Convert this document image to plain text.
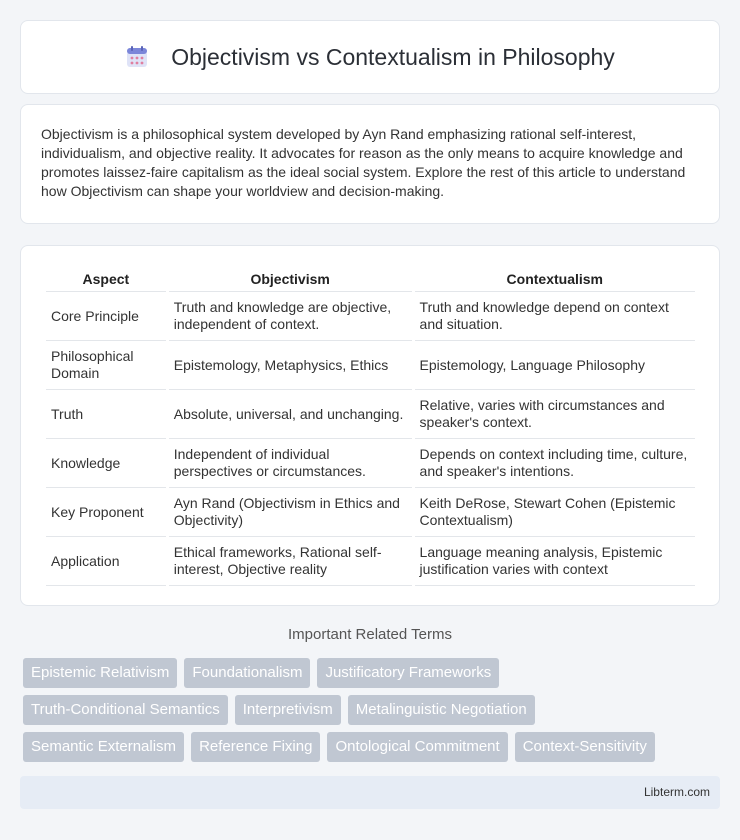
Objectivism vs Contextualism in Philosophy

Objectivism is a philosophical system developed by Ayn Rand emphasizing rational self-interest, individualism, and objective reality. It advocates for reason as the only means to acquire knowledge and promotes laissez-faire capitalism as the ideal social system. Explore the rest of this article to understand how Objectivism can shape your worldview and decision-making.

Aspect	Objectivism	Contextualism
Core Principle	Truth and knowledge are objective, independent of context.	Truth and knowledge depend on context and situation.
Philosophical Domain	Epistemology, Metaphysics, Ethics	Epistemology, Language Philosophy
Truth	Absolute, universal, and unchanging.	Relative, varies with circumstances and speaker's context.
Knowledge	Independent of individual perspectives or circumstances.	Depends on context including time, culture, and speaker's intentions.
Key Proponent	Ayn Rand (Objectivism in Ethics and Objectivity)	Keith DeRose, Stewart Cohen (Epistemic Contextualism)
Application	Ethical frameworks, Rational self-interest, Objective reality	Language meaning analysis, Epistemic justification varies with context
Important Related Terms
Epistemic Relativism	Foundationalism	Justificatory Frameworks
Truth-Conditional Semantics	Interpretivism	Metalinguistic Negotiation
Semantic Externalism	Reference Fixing	Ontological Commitment	Context-Sensitivity
Libterm.com
